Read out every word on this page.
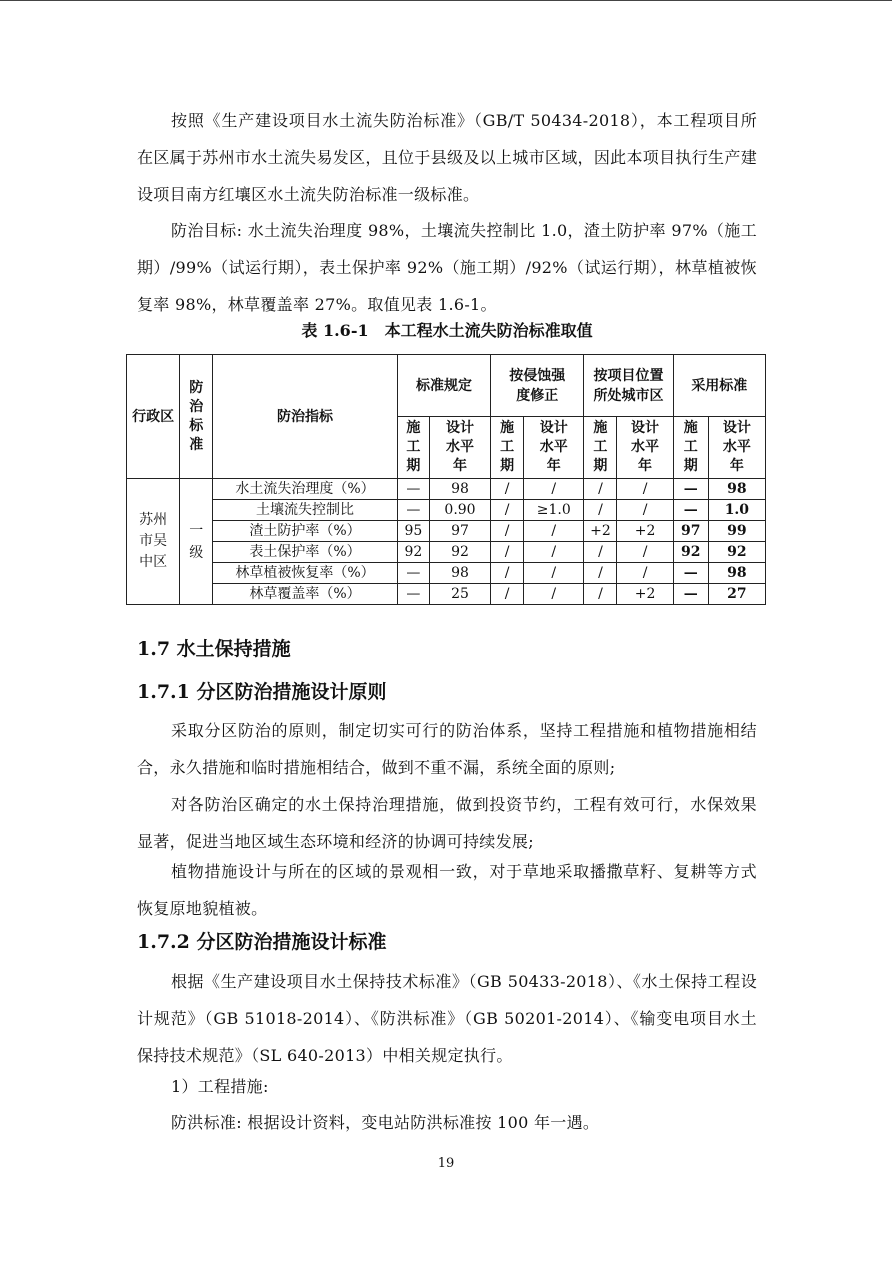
按照《生产建设项目水土流失防治标准》（GB/T 50434-2018），本工程项目所在区属于苏州市水土流失易发区，且位于县级及以上城市区域，因此本项目执行生产建设项目南方红壤区水土流失防治标准一级标准。

防治目标: 水土流失治理度 98%，土壤流失控制比 1.0，渣土防护率 97%（施工期）/99%（试运行期），表土保护率 92%（施工期）/92%（试运行期），林草植被恢复率 98%，林草覆盖率 27%。取值见表 1.6-1。

表 1.6-1　本工程水土流失防治标准取值
行政区	防治标准	防治指标	标准规定		按侵蚀强度修正		按项目位置所处城市区		采用标准	

			施工期	设计水平年	施工期	设计水平年	施工期	设计水平年	施工期	设计水平年

苏州市吴中区	一级	水土流失治理度（%）	—	98	/	/	/	/	—	98
		土壤流失控制比	—	0.90	/	≥1.0	/	/	—	1.0
		渣土防护率（%）	95	97	/	/	+2	+2	97	99
		表土保护率（%）	92	92	/	/	/	/	92	92
		林草植被恢复率（%）	—	98	/	/	/	/	—	98
		林草覆盖率（%）	—	25	/	/	/	+2	—	27
1.7 水土保持措施
1.7.1 分区防治措施设计原则

采取分区防治的原则，制定切实可行的防治体系，坚持工程措施和植物措施相结合，永久措施和临时措施相结合，做到不重不漏，系统全面的原则;

对各防治区确定的水土保持治理措施，做到投资节约，工程有效可行，水保效果显著，促进当地区域生态环境和经济的协调可持续发展;

植物措施设计与所在的区域的景观相一致，对于草地采取播撒草籽、复耕等方式恢复原地貌植被。

1.7.2 分区防治措施设计标准

根据《生产建设项目水土保持技术标准》（GB 50433-2018）、《水土保持工程设计规范》（GB 51018-2014）、《防洪标准》（GB 50201-2014）、《输变电项目水土保持技术规范》（SL 640-2013）中相关规定执行。

1）工程措施:

防洪标准: 根据设计资料，变电站防洪标准按 100 年一遇。

19
